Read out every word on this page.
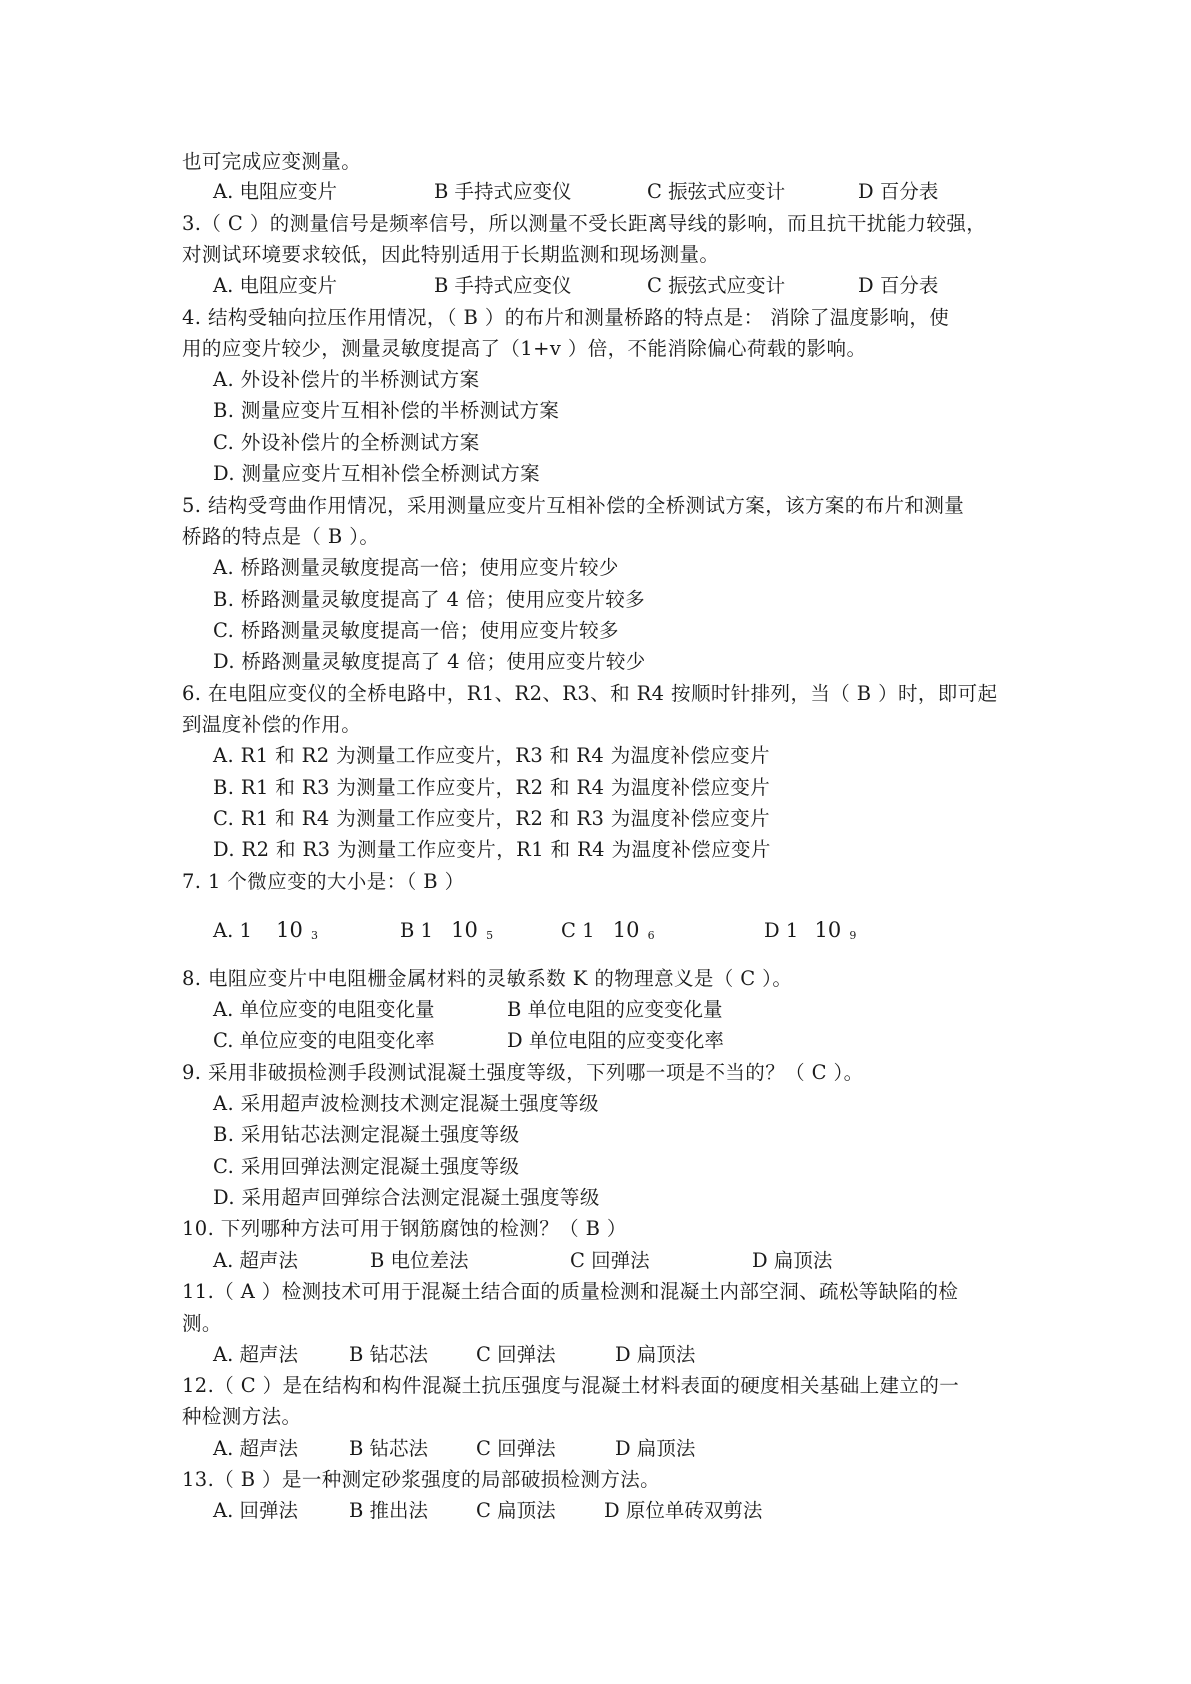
也可完成应变测量。
A. 电阻应变片	B 手持式应变仪	C 振弦式应变计	D 百分表
3.（ C ）的测量信号是频率信号，所以测量不受长距离导线的影响，而且抗干扰能力较强，
对测试环境要求较低，因此特别适用于长期监测和现场测量。
A. 电阻应变片	B 手持式应变仪	C 振弦式应变计	D 百分表
4. 结构受轴向拉压作用情况，（ B ）的布片和测量桥路的特点是： 消除了温度影响，使
用的应变片较少，测量灵敏度提高了（1+v ）倍，不能消除偏心荷载的影响。
A. 外设补偿片的半桥测试方案
B. 测量应变片互相补偿的半桥测试方案
C. 外设补偿片的全桥测试方案
D. 测量应变片互相补偿全桥测试方案
5. 结构受弯曲作用情况，采用测量应变片互相补偿的全桥测试方案，该方案的布片和测量
桥路的特点是（ B ）。
A. 桥路测量灵敏度提高一倍；使用应变片较少
B. 桥路测量灵敏度提高了 4 倍；使用应变片较多
C. 桥路测量灵敏度提高一倍；使用应变片较多
D. 桥路测量灵敏度提高了 4 倍；使用应变片较少
6. 在电阻应变仪的全桥电路中，R1、R2、R3、和 R4 按顺时针排列，当（ B ）时，即可起
到温度补偿的作用。
A. R1 和 R2 为测量工作应变片，R3 和 R4 为温度补偿应变片
B. R1 和 R3 为测量工作应变片，R2 和 R4 为温度补偿应变片
C. R1 和 R4 为测量工作应变片，R2 和 R3 为温度补偿应变片
D. R2 和 R3 为测量工作应变片，R1 和 R4 为温度补偿应变片
7. 1 个微应变的大小是：（ B ）
A. 1 10 3	B 1 10 5	C 1 10 6	D 1 10 9
8. 电阻应变片中电阻栅金属材料的灵敏系数 K 的物理意义是（ C ）。
A. 单位应变的电阻变化量	B 单位电阻的应变变化量
C. 单位应变的电阻变化率	D 单位电阻的应变变化率
9. 采用非破损检测手段测试混凝土强度等级，下列哪一项是不当的？（ C ）。
A. 采用超声波检测技术测定混凝土强度等级
B. 采用钻芯法测定混凝土强度等级
C. 采用回弹法测定混凝土强度等级
D. 采用超声回弹综合法测定混凝土强度等级
10. 下列哪种方法可用于钢筋腐蚀的检测？（ B ）
A. 超声法	B 电位差法	C 回弹法	D 扁顶法
11.（ A ）检测技术可用于混凝土结合面的质量检测和混凝土内部空洞、疏松等缺陷的检
测。
A. 超声法	B 钻芯法 C 回弹法	D 扁顶法
12.（ C ）是在结构和构件混凝土抗压强度与混凝土材料表面的硬度相关基础上建立的一
种检测方法。
A. 超声法	B 钻芯法 C 回弹法	D 扁顶法
13.（ B ）是一种测定砂浆强度的局部破损检测方法。
A. 回弹法	B 推出法 C 扁顶法 D 原位单砖双剪法
